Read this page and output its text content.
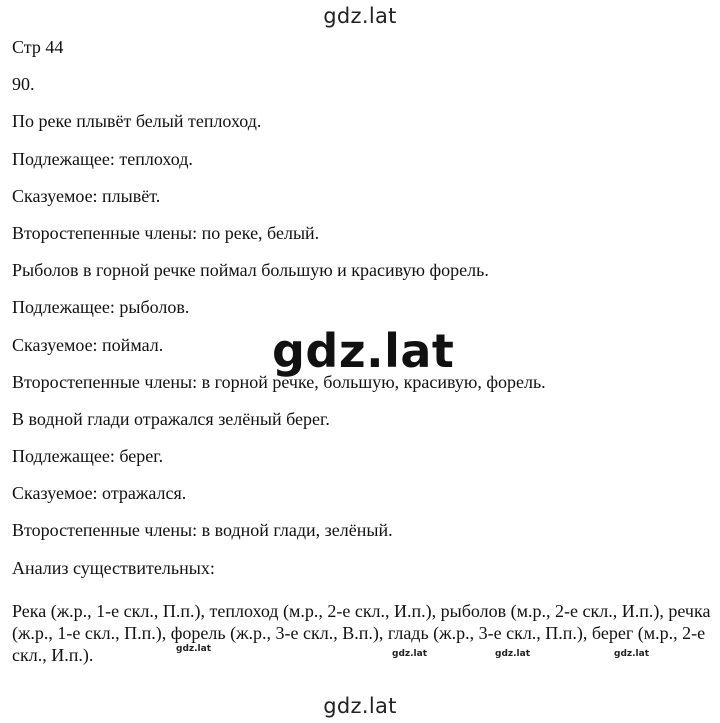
gdz.lat
Стр 44
90.
По реке плывёт белый теплоход.
Подлежащее: теплоход.
Сказуемое: плывёт.
Второстепенные члены: по реке, белый.
Рыболов в горной речке поймал большую и красивую форель.
Подлежащее: рыболов.
Сказуемое: поймал.
Второстепенные члены: в горной речке, большую, красивую, форель.
В водной глади отражался зелёный берег.
Подлежащее: берег.
Сказуемое: отражался.
Второстепенные члены: в водной глади, зелёный.
Анализ существительных:

Река (ж.р., 1-е скл., П.п.), теплоход (м.р., 2-е скл., И.п.), рыболов (м.р., 2-е скл., И.п.), речка (ж.р., 1-е скл., П.п.), форель (ж.р., 3-е скл., В.п.), гладь (ж.р., 3-е скл., П.п.), берег (м.р., 2-е скл., И.п.).

gdz.lat
gdz.lat	gdz.lat	gdz.lat	gdz.lat
gdz.lat
